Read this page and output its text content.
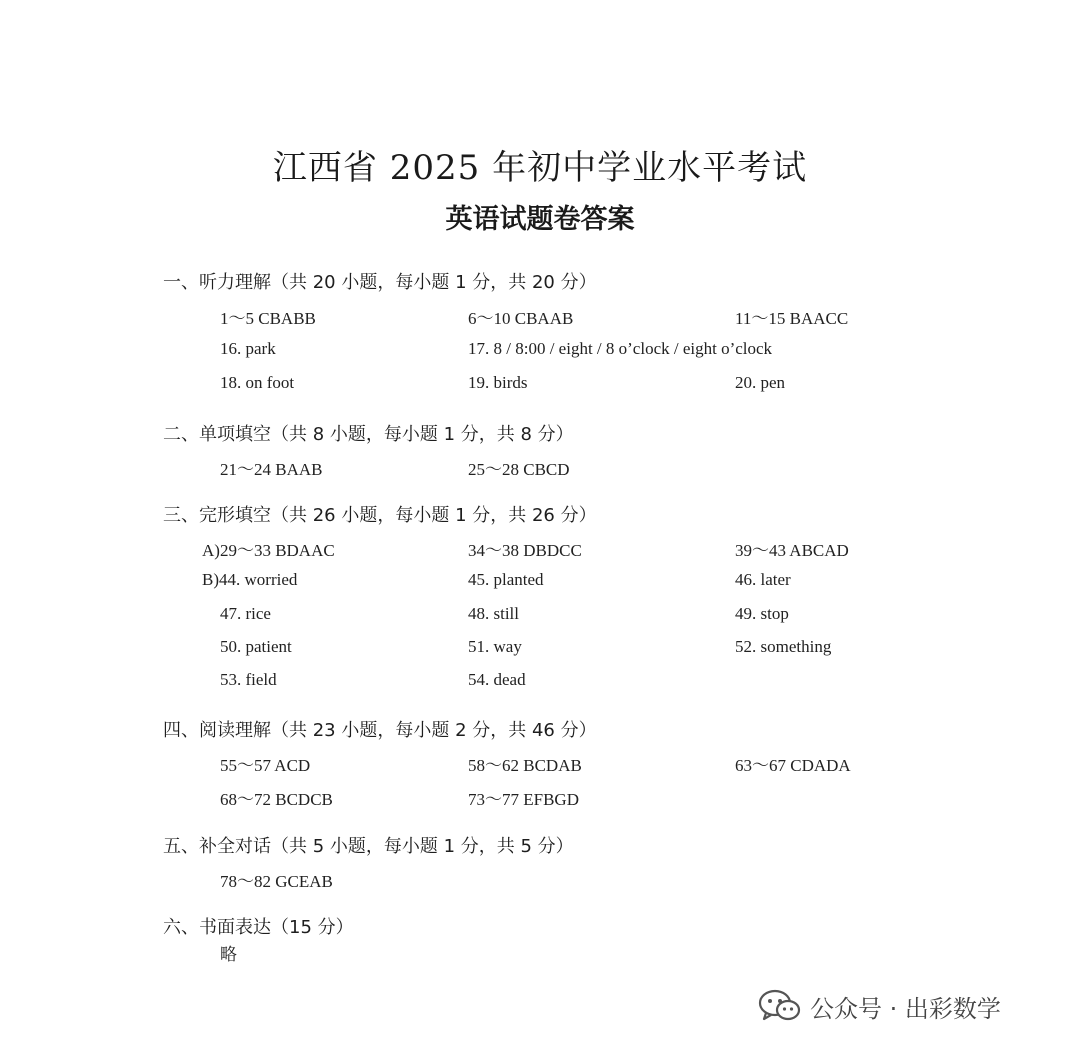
江西省 2025 年初中学业水平考试
英语试题卷答案
一、听力理解（共 20 小题，每小题 1 分，共 20 分）
1～5 CBABB	6～10 CBAAB	11～15 BAACC
16. park	17. 8 / 8:00 / eight / 8 o’clock / eight o’clock
18. on foot	19. birds	20. pen
二、单项填空（共 8 小题，每小题 1 分，共 8 分）
21～24 BAAB	25～28 CBCD
三、完形填空（共 26 小题，每小题 1 分，共 26 分）
A)29～33 BDAAC	34～38 DBDCC	39～43 ABCAD
B)44. worried	45. planted	46. later
47. rice	48. still	49. stop
50. patient	51. way	52. something
53. field	54. dead
四、阅读理解（共 23 小题，每小题 2 分，共 46 分）
55～57 ACD	58～62 BCDAB	63～67 CDADA
68～72 BCDCB	73～77 EFBGD
五、补全对话（共 5 小题，每小题 1 分，共 5 分）
78～82 GCEAB
六、书面表达（15 分）
略
公众号 · 出彩数学
